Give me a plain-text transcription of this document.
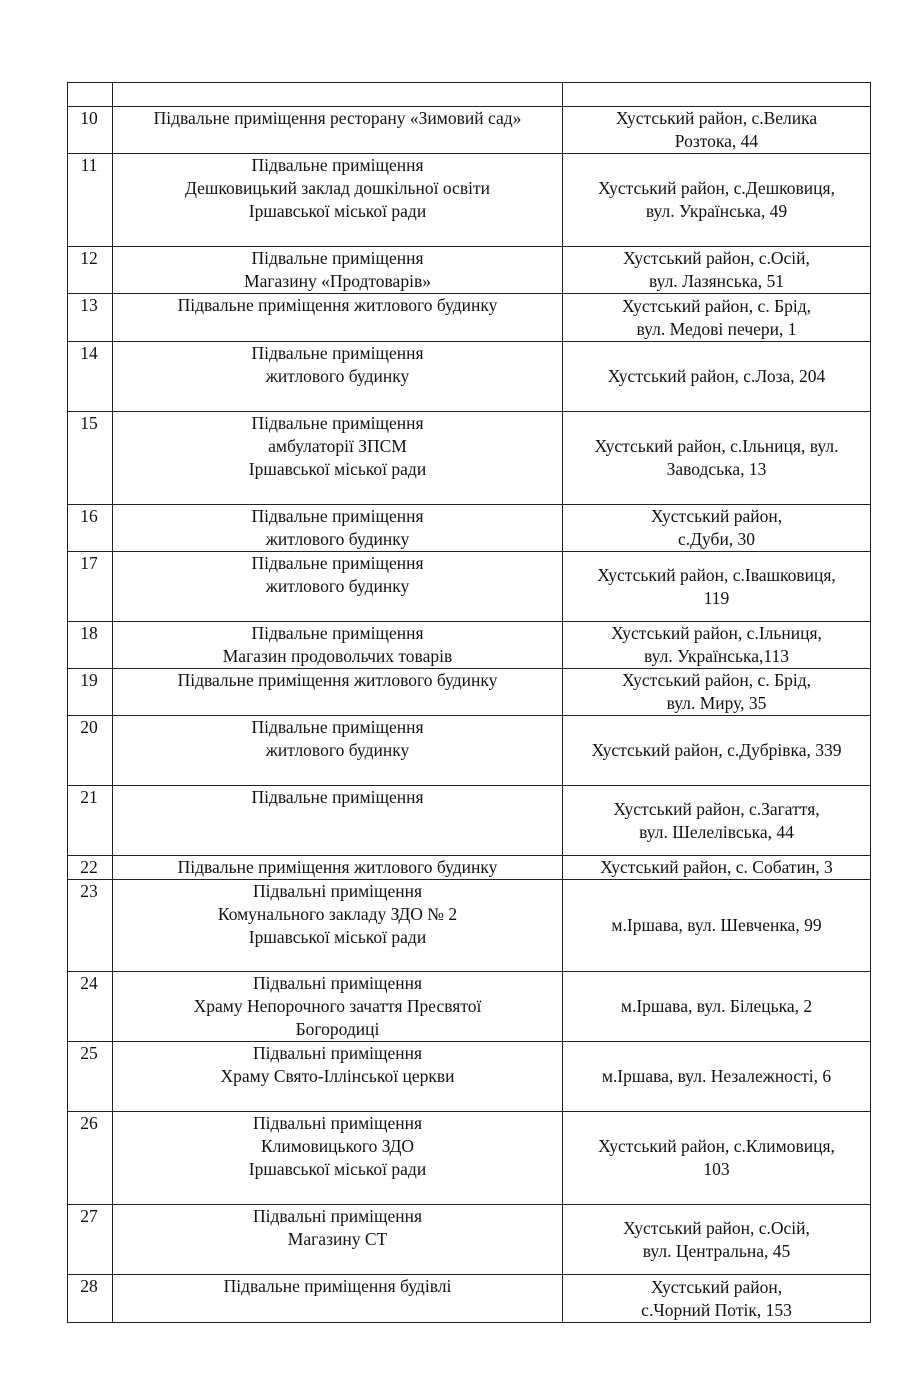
10	Підвальне приміщення ресторану «Зимовий сад»	Хустський район, с.Велика
Розтока, 44

11	Підвальне приміщення
Дешковицький заклад дошкільної освіти
Іршавської міської ради	Хустський район, с.Дешковиця,
вул. Українська, 49

12	Підвальне приміщення
Магазину «Продтоварів»	Хустський район, с.Осій,
вул. Лазянська, 51

13	Підвальне приміщення житлового будинку	Хустський район, с. Брід,
вул. Медові печери, 1

14	Підвальне приміщення
житлового будинку	Хустський район, с.Лоза, 204

15	Підвальне приміщення
амбулаторії ЗПСМ
Іршавської міської ради	Хустський район, с.Ільниця, вул.
Заводська, 13

16	Підвальне приміщення
житлового будинку	Хустський район,
с.Дуби, 30

17	Підвальне приміщення
житлового будинку	Хустський район, с.Івашковиця,
119

18	Підвальне приміщення
Магазин продовольчих товарів	Хустський район, с.Ільниця,
вул. Українська,113

19	Підвальне приміщення житлового будинку	Хустський район, с. Брід,
вул. Миру, 35

20	Підвальне приміщення
житлового будинку	Хустський район, с.Дубрівка, 339

21	Підвальне приміщення	Хустський район, с.Загаття,
вул. Шелелівська, 44

22	Підвальне приміщення житлового будинку	Хустський район, с. Собатин, 3

23	Підвальні приміщення
Комунального закладу ЗДО № 2
Іршавської міської ради	м.Іршава, вул. Шевченка, 99

24	Підвальні приміщення
Храму Непорочного зачаття Пресвятої
Богородиці	м.Іршава, вул. Білецька, 2

25	Підвальні приміщення
Храму Свято-Іллінської церкви	м.Іршава, вул. Незалежності, 6

26	Підвальні приміщення
Климовицького ЗДО
Іршавської міської ради	Хустський район, с.Климовиця,
103

27	Підвальні приміщення
Магазину СТ	Хустський район, с.Осій,
вул. Центральна, 45

28	Підвальне приміщення будівлі	Хустський район,
с.Чорний Потік, 153
